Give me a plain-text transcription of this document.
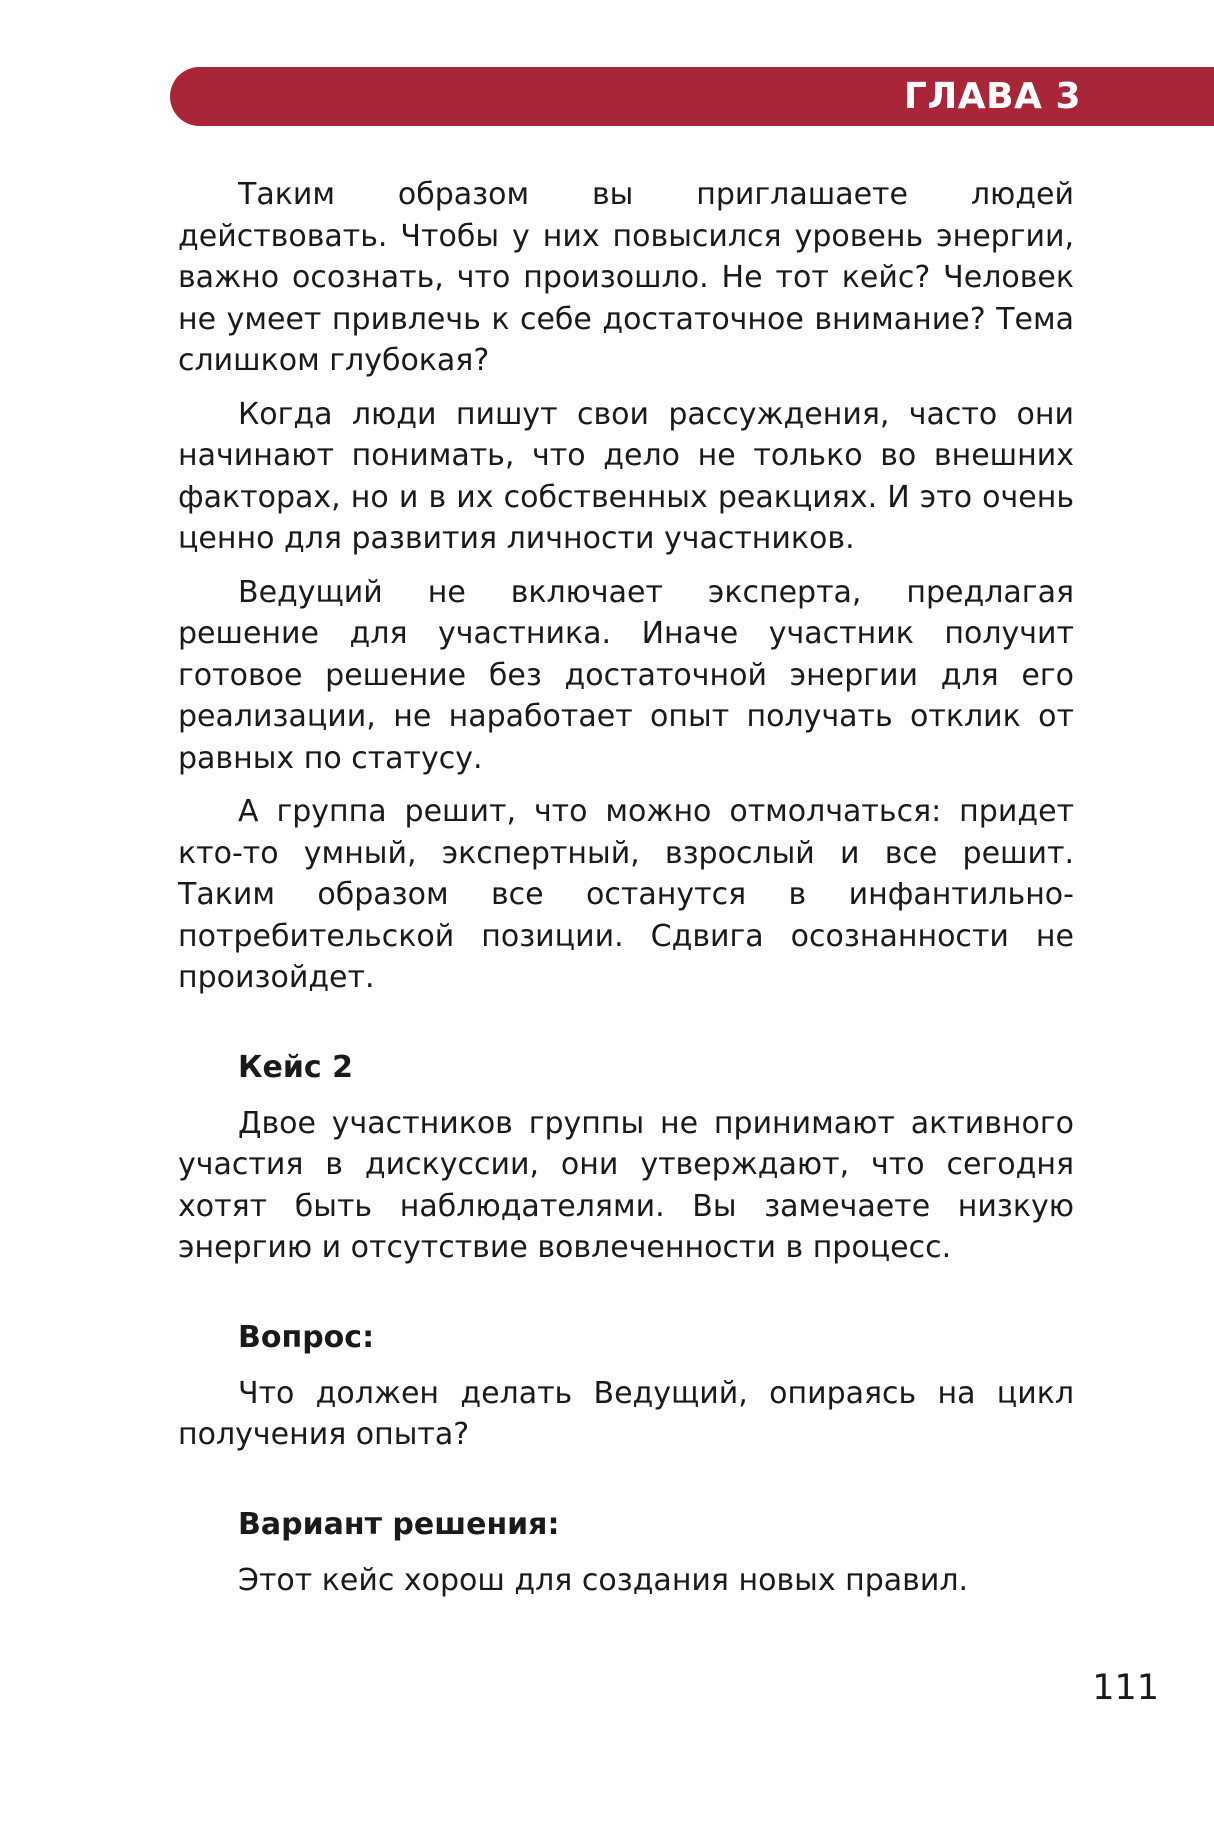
ГЛАВА 3

Таким образом вы приглашаете людей действовать. Чтобы у них повысился уровень энергии, важно осознать, что произошло. Не тот кейс? Человек не умеет привлечь к себе достаточное внимание? Тема слишком глубокая?

Когда люди пишут свои рассуждения, часто они начинают понимать, что дело не только во внешних факторах, но и в их собственных реакциях. И это очень ценно для развития личности участников.

Ведущий не включает эксперта, предлагая решение для участника. Иначе участник получит готовое решение без достаточной энергии для его реализации, не наработает опыт получать отклик от равных по статусу.

А группа решит, что можно отмолчаться: придет кто-то умный, экспертный, взрослый и все решит. Таким образом все останутся в инфантильно-потребительской позиции. Сдвига осознанности не произойдет.

Кейс 2

Двое участников группы не принимают активного участия в дискуссии, они утверждают, что сегодня хотят быть наблюдателями. Вы замечаете низкую энергию и отсутствие вовлеченности в процесс.

Вопрос:

Что должен делать Ведущий, опираясь на цикл получения опыта?

Вариант решения:

Этот кейс хорош для создания новых правил.

111
